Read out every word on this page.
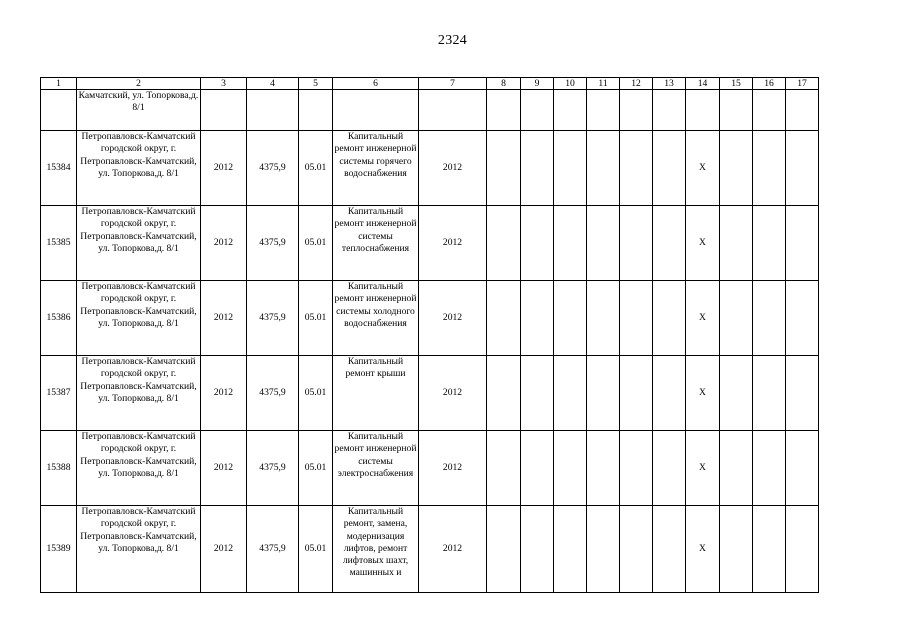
2324
1	2	3	4	5	6	7	8	9	10	11	12	13	14	15	16	17
	Камчатский, ул. Топоркова,д. 8/1															
15384	Петропавловск-Камчатский городской округ, г. Петропавловск-Камчатский, ул. Топоркова,д. 8/1	2012	4375,9	05.01	Капитальный ремонт инженерной системы горячего водоснабжения	2012							X			
15385	Петропавловск-Камчатский городской округ, г. Петропавловск-Камчатский, ул. Топоркова,д. 8/1	2012	4375,9	05.01	Капитальный ремонт инженерной системы теплоснабжения	2012							X			
15386	Петропавловск-Камчатский городской округ, г. Петропавловск-Камчатский, ул. Топоркова,д. 8/1	2012	4375,9	05.01	Капитальный ремонт инженерной системы холодного водоснабжения	2012							X			
15387	Петропавловск-Камчатский городской округ, г. Петропавловск-Камчатский, ул. Топоркова,д. 8/1	2012	4375,9	05.01	Капитальный ремонт крыши	2012							X			
15388	Петропавловск-Камчатский городской округ, г. Петропавловск-Камчатский, ул. Топоркова,д. 8/1	2012	4375,9	05.01	Капитальный ремонт инженерной системы электроснабжения	2012							X			
15389	Петропавловск-Камчатский городской округ, г. Петропавловск-Камчатский, ул. Топоркова,д. 8/1	2012	4375,9	05.01	Капитальный ремонт, замена, модернизация лифтов, ремонт лифтовых шахт, машинных и	2012							X			
